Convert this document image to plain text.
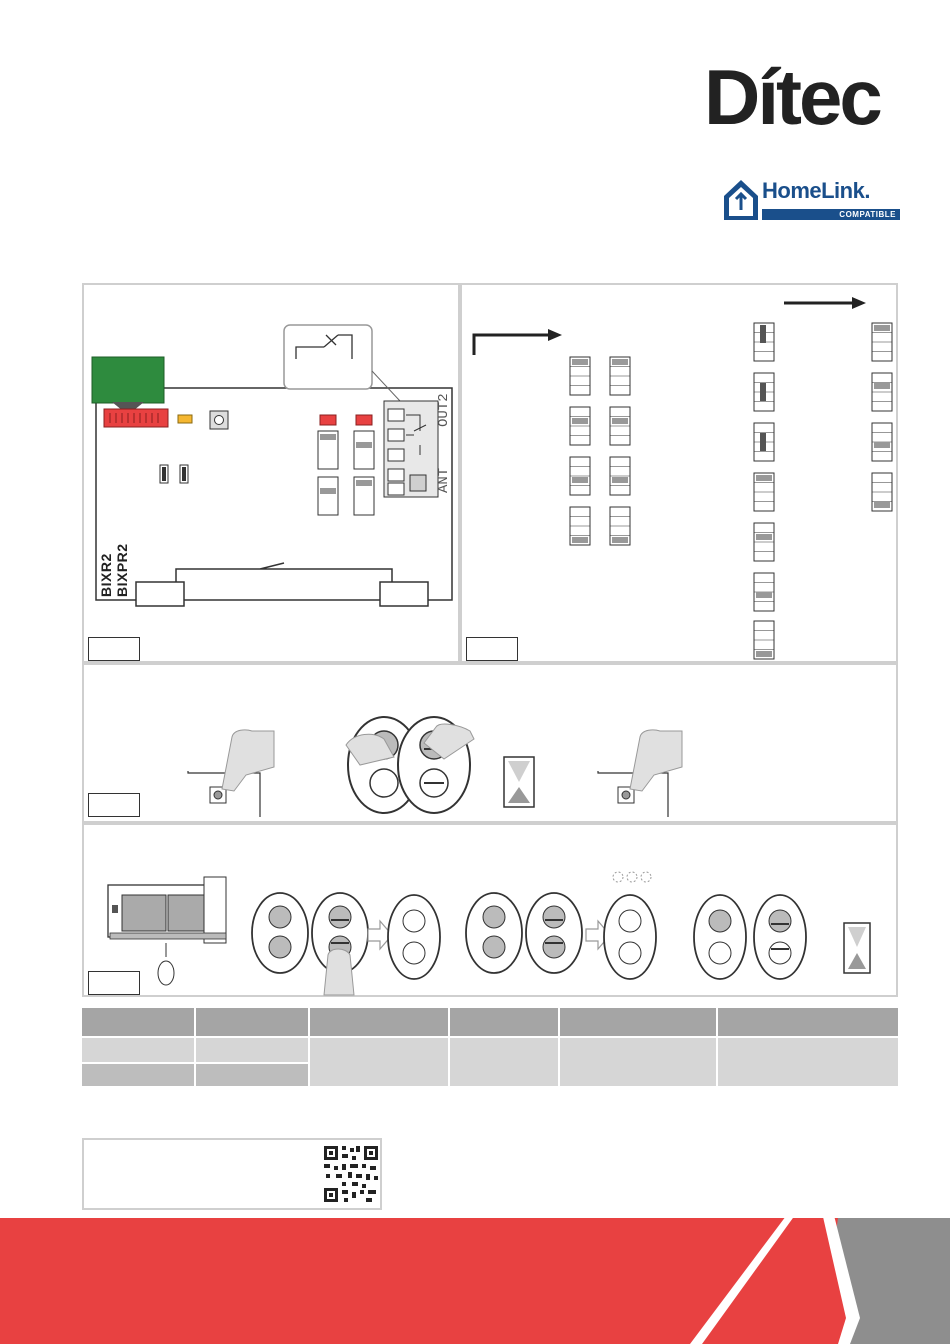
Dítec
HomeLink.
COMPATIBLE
OUT2
ANT
BIXR2 BIXPR2
